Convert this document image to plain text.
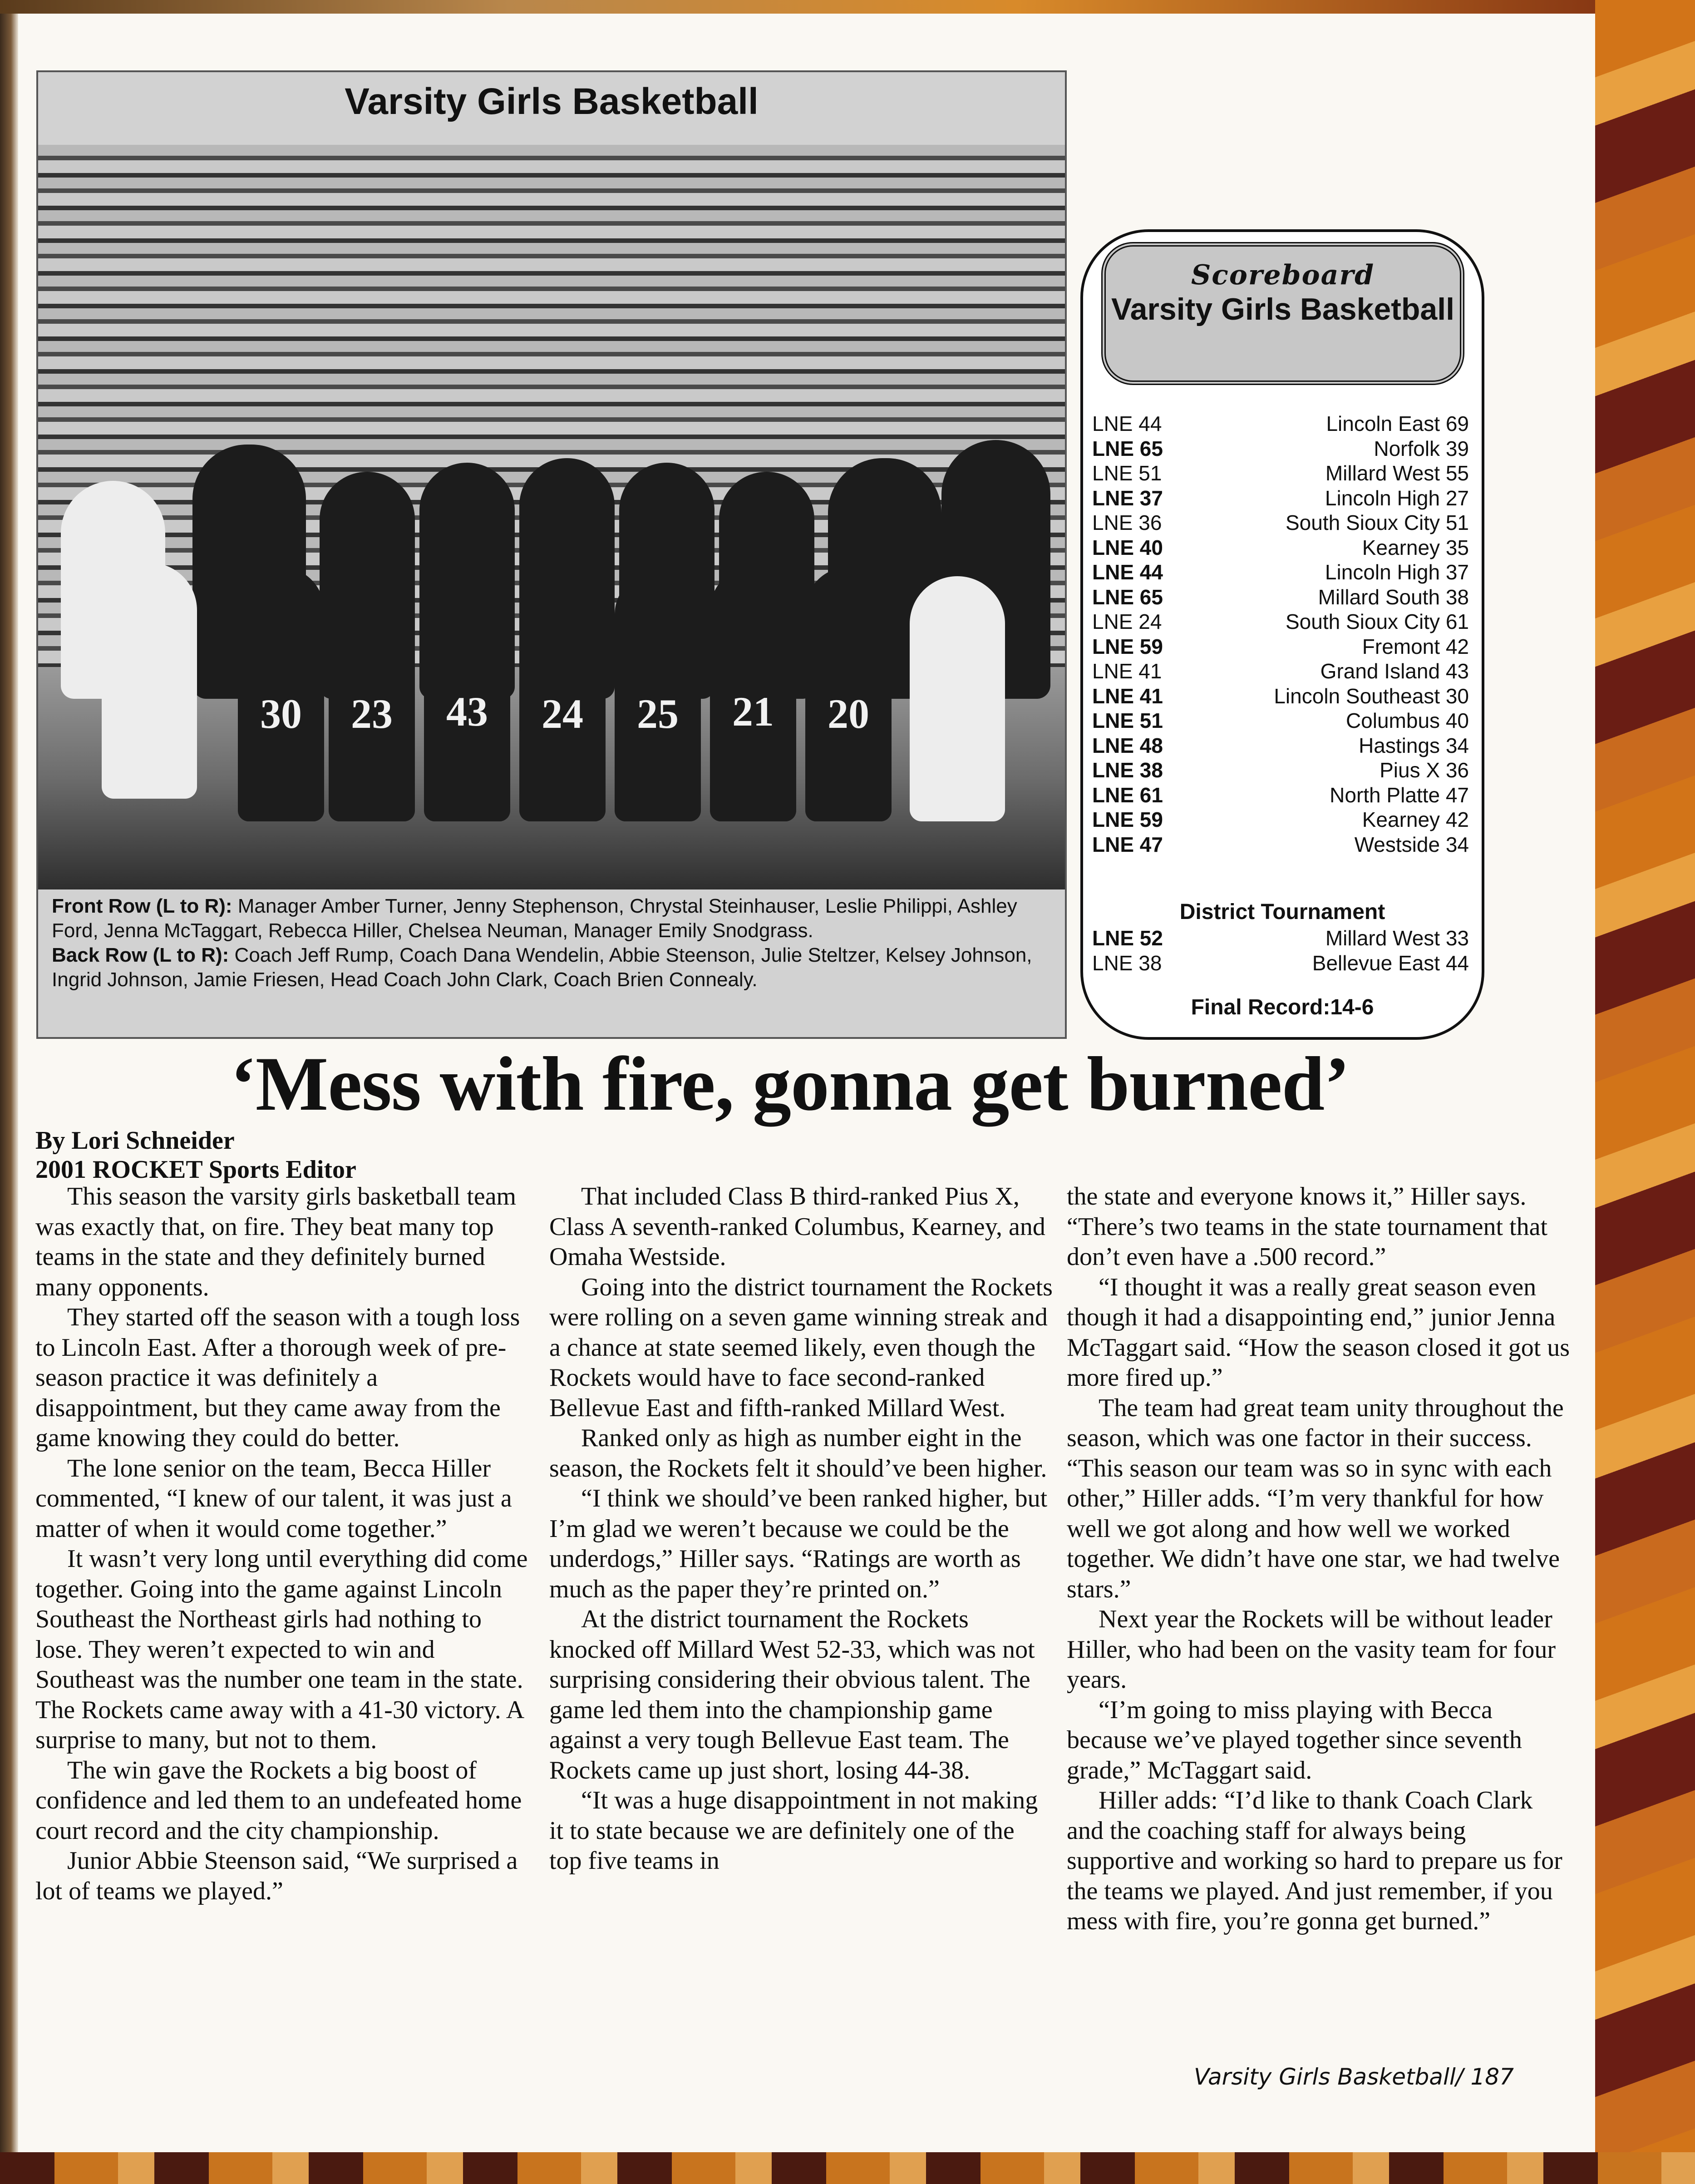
Varsity Girls Basketball
30	23	43	24	25	21	20
Front Row (L to R): Manager Amber Turner, Jenny Stephenson, Chrystal Steinhauser, Leslie Philippi, Ashley Ford, Jenna McTaggart, Rebecca Hiller, Chelsea Neuman, Manager Emily Snodgrass.
Back Row (L to R): Coach Jeff Rump, Coach Dana Wendelin, Abbie Steenson, Julie Steltzer, Kelsey Johnson, Ingrid Johnson, Jamie Friesen, Head Coach John Clark, Coach Brien Connealy.
Scoreboard
Varsity Girls Basketball
LNE 44	Lincoln East 69
LNE 65	Norfolk 39
LNE 51	Millard West 55
LNE 37	Lincoln High 27
LNE 36	South Sioux City 51
LNE 40	Kearney 35
LNE 44	Lincoln High 37
LNE 65	Millard South 38
LNE 24	South Sioux City 61
LNE 59	Fremont 42
LNE 41	Grand Island 43
LNE 41	Lincoln Southeast 30
LNE 51	Columbus 40
LNE 48	Hastings 34
LNE 38	Pius X 36
LNE 61	North Platte 47
LNE 59	Kearney 42
LNE 47	Westside 34
District Tournament
LNE 52	Millard West 33
LNE 38	Bellevue East 44
Final Record:14-6
‘Mess with fire, gonna get burned’
By Lori Schneider
2001 ROCKET Sports Editor

This season the varsity girls basketball team was exactly that, on fire. They beat many top teams in the state and they definitely burned many opponents.

They started off the season with a tough loss to Lincoln East. After a thorough week of pre-season practice it was definitely a disappointment, but they came away from the game knowing they could do better.

The lone senior on the team, Becca Hiller commented, “I knew of our talent, it was just a matter of when it would come together.”

It wasn’t very long until everything did come together. Going into the game against Lincoln Southeast the Northeast girls had nothing to lose. They weren’t expected to win and Southeast was the number one team in the state. The Rockets came away with a 41-30 victory. A surprise to many, but not to them.

The win gave the Rockets a big boost of confidence and led them to an undefeated home court record and the city championship.

Junior Abbie Steenson said, “We surprised a lot of teams we played.”

That included Class B third-ranked Pius X, Class A seventh-ranked Columbus, Kearney, and Omaha Westside.

Going into the district tournament the Rockets were rolling on a seven game winning streak and a chance at state seemed likely, even though the Rockets would have to face second-ranked Bellevue East and fifth-ranked Millard West.

Ranked only as high as number eight in the season, the Rockets felt it should’ve been higher.

“I think we should’ve been ranked higher, but I’m glad we weren’t because we could be the underdogs,” Hiller says. “Ratings are worth as much as the paper they’re printed on.”

At the district tournament the Rockets knocked off Millard West 52-33, which was not surprising considering their obvious talent. The game led them into the championship game against a very tough Bellevue East team. The Rockets came up just short, losing 44-38.

“It was a huge disappointment in not making it to state because we are definitely one of the top five teams in

the state and everyone knows it,” Hiller says. “There’s two teams in the state tournament that don’t even have a .500 record.”

“I thought it was a really great season even though it had a disappointing end,” junior Jenna McTaggart said. “How the season closed it got us more fired up.”

The team had great team unity throughout the season, which was one factor in their success. “This season our team was so in sync with each other,” Hiller adds. “I’m very thankful for how well we got along and how well we worked together. We didn’t have one star, we had twelve stars.”

Next year the Rockets will be without leader Hiller, who had been on the vasity team for four years.

“I’m going to miss playing with Becca because we’ve played together since seventh grade,” McTaggart said.

Hiller adds: “I’d like to thank Coach Clark and the coaching staff for always being supportive and working so hard to prepare us for the teams we played. And just remember, if you mess with fire, you’re gonna get burned.”

Varsity Girls Basketball/ 187
